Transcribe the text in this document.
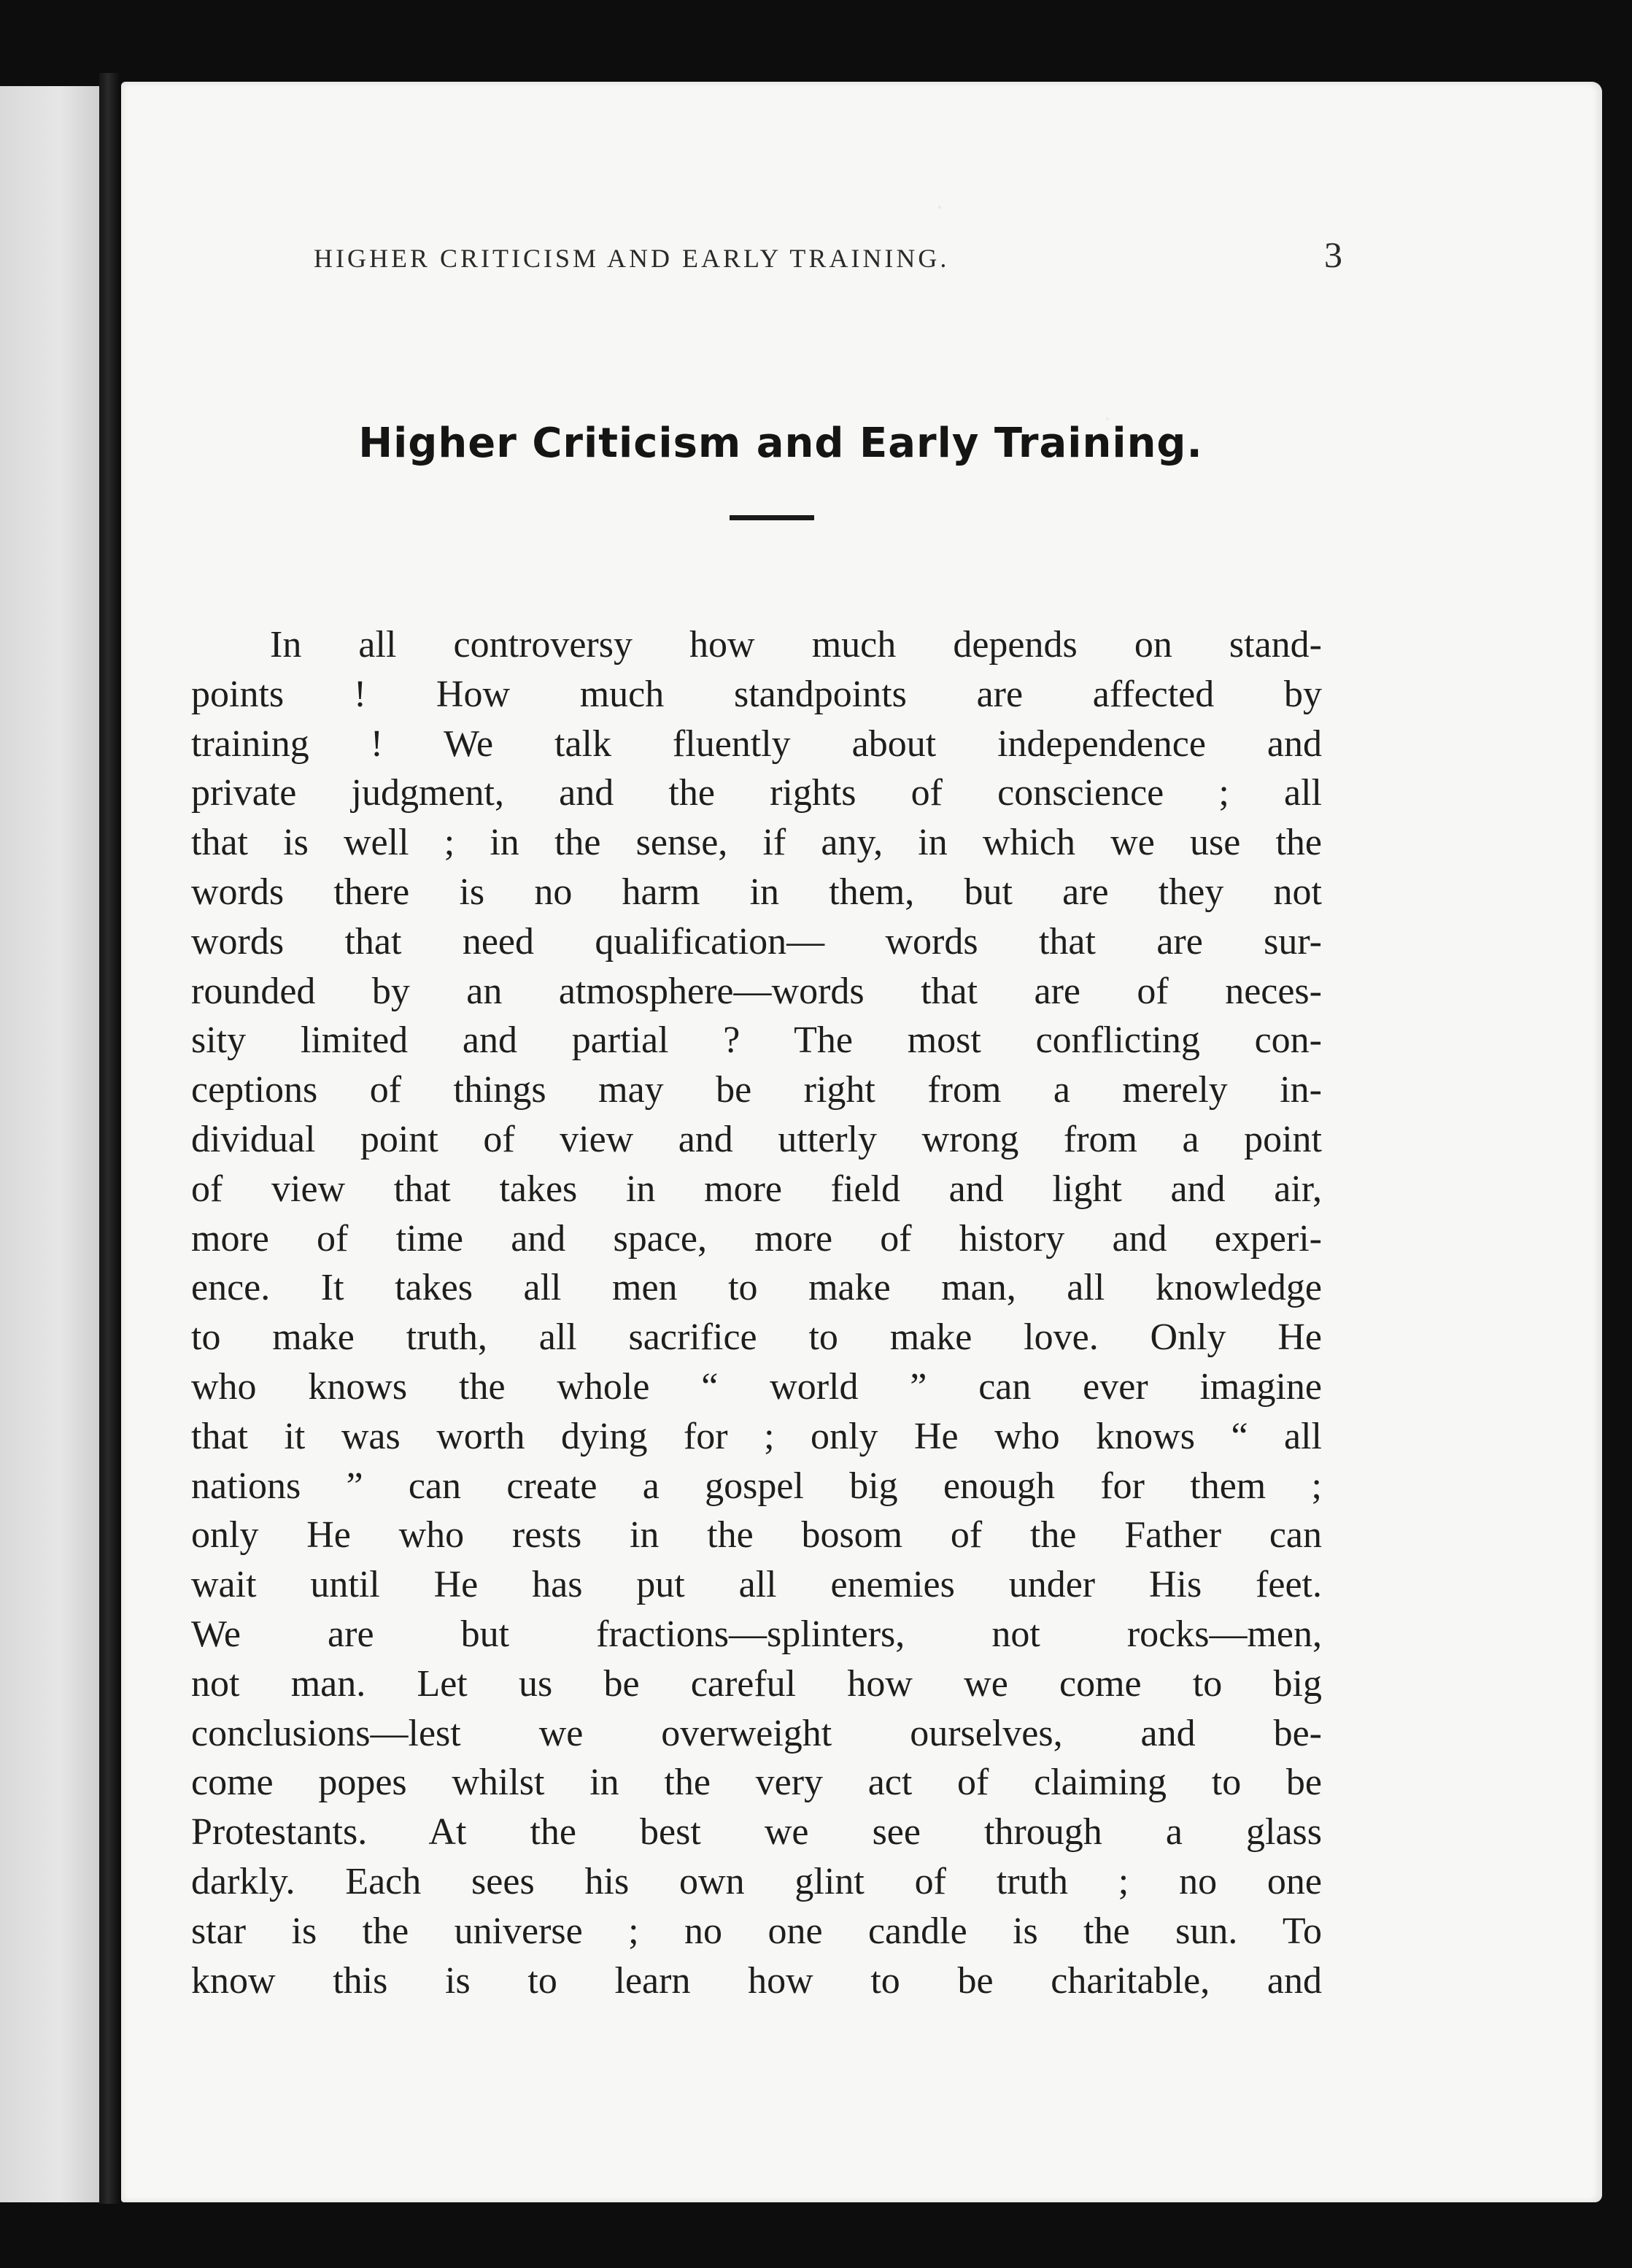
HIGHER CRITICISM AND EARLY TRAINING.	3
Higher Criticism and Early Training.
In all controversy how much depends on stand-
points ! How much standpoints are affected by
training ! We talk fluently about independence and
private judgment, and the rights of conscience ; all
that is well ; in the sense, if any, in which we use the
words there is no harm in them, but are they not
words that need qualification— words that are sur-
rounded by an atmosphere—words that are of neces-
sity limited and partial ? The most conflicting con-
ceptions of things may be right from a merely in-
dividual point of view and utterly wrong from a point
of view that takes in more field and light and air,
more of time and space, more of history and experi-
ence. It takes all men to make man, all knowledge
to make truth, all sacrifice to make love. Only He
who knows the whole “ world ” can ever imagine
that it was worth dying for ; only He who knows “ all
nations ” can create a gospel big enough for them ;
only He who rests in the bosom of the Father can
wait until He has put all enemies under His feet.
We are but fractions—splinters, not rocks—men,
not man. Let us be careful how we come to big
conclusions—lest we overweight ourselves, and be-
come popes whilst in the very act of claiming to be
Protestants. At the best we see through a glass
darkly. Each sees his own glint of truth ; no one
star is the universe ; no one candle is the sun. To
know this is to learn how to be charitable, and
